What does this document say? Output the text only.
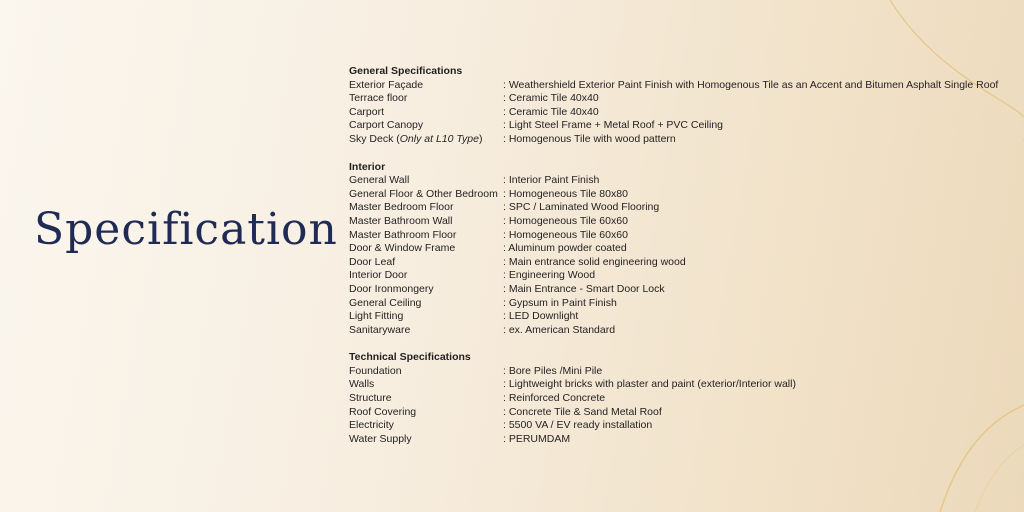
Specification
General Specifications
Exterior Façade	: Weathershield Exterior Paint Finish with Homogenous Tile as an Accent and Bitumen Asphalt Single Roof
Terrace floor	: Ceramic Tile 40x40
Carport	: Ceramic Tile 40x40
Carport Canopy	: Light Steel Frame + Metal Roof + PVC Ceiling
Sky Deck (Only at L10 Type)	: Homogenous Tile with wood pattern
Interior
General Wall	: Interior Paint Finish
General Floor & Other Bedroom : Homogeneous Tile 80x80
Master Bedroom Floor	: SPC / Laminated Wood Flooring
Master Bathroom Wall	: Homogeneous Tile 60x60
Master Bathroom Floor	: Homogeneous Tile 60x60
Door & Window Frame	: Aluminum powder coated
Door Leaf	: Main entrance solid engineering wood
Interior Door	: Engineering Wood
Door Ironmongery	: Main Entrance - Smart Door Lock
General Ceiling	: Gypsum in Paint Finish
Light Fitting	: LED Downlight
Sanitaryware	: ex. American Standard
Technical Specifications
Foundation	: Bore Piles /Mini Pile
Walls	: Lightweight bricks with plaster and paint (exterior/Interior wall)
Structure	: Reinforced Concrete
Roof Covering	: Concrete Tile & Sand Metal Roof
Electricity	: 5500 VA / EV ready installation
Water Supply	: PERUMDAM
